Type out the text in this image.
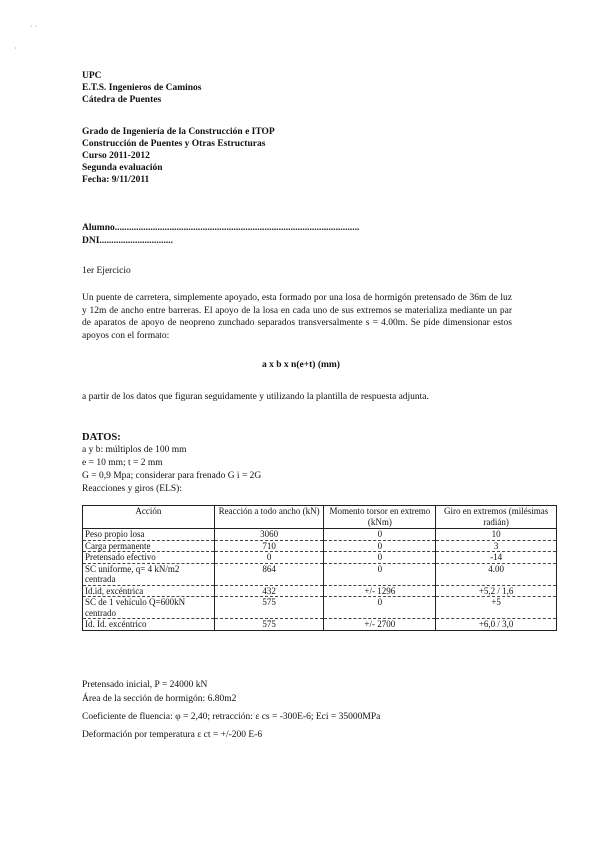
· ·
·
UPC
E.T.S. Ingenieros de Caminos
Cátedra de Puentes
Grado de Ingeniería de la Construcción e ITOP
Construcción de Puentes y Otras Estructuras
Curso 2011-2012
Segunda evaluación
Fecha: 9/11/2011
Alumno.......................................................................................................
DNI...............................
1er Ejercicio
Un puente de carretera, simplemente apoyado, esta formado por una losa de hormigón pretensado de 36m de luz y 12m de ancho entre barreras. El apoyo de la losa en cada uno de sus extremos se materializa mediante un par de aparatos de apoyo de neopreno zunchado separados transversalmente s = 4.00m. Se pide dimensionar estos apoyos con el formato:
a x b x n(e+t) (mm)
a partir de los datos que figuran seguidamente y utilizando la plantilla de respuesta adjunta.
DATOS:
a y b: múltiplos de 100 mm
e = 10 mm; t = 2 mm
G = 0,9 Mpa; considerar para frenado G i = 2G
Reacciones y giros (ELS):
Acción	Reacción a todo ancho (kN)	Momento torsor en extremo (kNm)	Giro en extremos (milésimas radián)
Peso propio losa	3060	0	10
Carga permanente	710	0	3
Pretensado efectivo	0	0	-14
SC uniforme, q= 4 kN/m2 centrada	864	0	4.00
Id.id, excéntrica	432	+/- 1296	+5,2 / 1,6
SC de 1 vehículo Q=600kN centrado	575	0	+5
Id. Id. excéntrico	575	+/- 2700	+6,0 / 3,0
Pretensado inicial, P = 24000 kN
Área de la sección de hormigón: 6.80m2
Coeficiente de fluencia: φ = 2,40; retracción: ε cs = -300E-6; Eci = 35000MPa
Deformación por temperatura ε ct = +/-200 E-6
